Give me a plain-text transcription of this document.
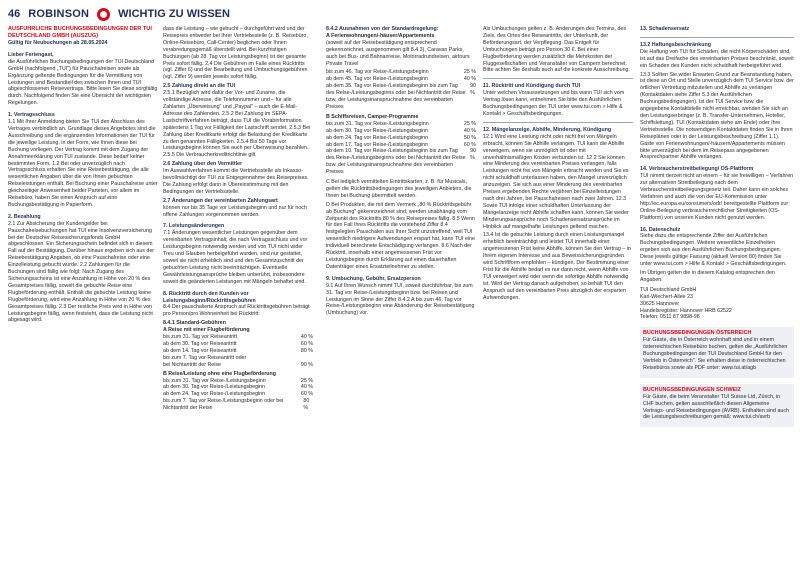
46 ROBINSON	WICHTIG ZU WISSEN
AUSFÜHRLICHE BUCHUNGSBEDINGUNGEN DER TUI DEUTSCHLAND GMBH (AUSZUG)
Gültig für Neubuchungen ab 28.05.2024
Lieber Feriengast,

die Ausführlichen Buchungsbedingungen der TUI Deutschland GmbH (nachfolgend „TUI") für Pauschalreisen sowie als Ergänzung geltende Bedingungen für die Vermittlung von Leistungen sind Bestandteil des zwischen Ihnen und TUI abgeschlossenen Reisevertrags. Bitte lesen Sie diese sorgfältig durch. Nachfolgend finden Sie eine Übersicht der wichtigsten Regelungen.

1. Vertragsschluss

1.1 Mit Ihrer Anmeldung bieten Sie TUI den Abschluss des Vertrages verbindlich an. Grundlage dieses Angebotes sind die Ausschreibung und die ergänzenden Informationen der TUI für die jeweilige Leistung, in der Form, wie Ihnen diese bei Buchung vorliegen. Der Vertrag kommt mit dem Zugang der Annahmeerklärung von TUI zustande. Diese bedarf keiner bestimmten Form. 1.2 Bei oder unverzüglich nach Vertragsschluss erhalten Sie eine Reisebestätigung, die alle wesentlichen Angaben über die von Ihnen gebuchten Reiseleistungen enthält. Bei Buchung einer Pauschalreise unter gleichzeitiger Anwesenheit beider Parteien, vor allem im Reisebüro, haben Sie einen Anspruch auf eine Buchungsbestätigung in Papierform.

2. Bezahlung

2.1 Zur Absicherung der Kundengelder bei Pauschalreisebuchungen hat TUI eine Insolvenzversicherung bei der Deutscher Reisesicherungsfonds GmbH abgeschlossen. Ein Sicherungsschein befindet sich in diesem Fall auf der Bestätigung. Darüber hinaus ergeben sich aus der Reisebestätigung Angaben, ob eine Pauschalreise oder eine Einzelleistung gebucht wurde. 2.2 Zahlungen für die Buchungen sind fällig wie folgt: Nach Zugang des Sicherungsscheins ist eine Anzahlung in Höhe von 20 % des Gesamtpreises fällig, soweit die gebuchte Reise eine Flugbeförderung enthält. Enthält die gebuchte Leistung keine Flugbeförderung, wird eine Anzahlung in Höhe von 20 % des Gesamtpreises fällig. 2.3 Der restliche Preis wird in Höhe von Leistungsbeginn fällig, wenn feststeht, dass die Leistung nicht abgesagt wird.

dass die Leistung – wie gebucht – durchgeführt wird und der Reisepreis entweder bei Ihrer Vertriebsstelle (z. B. Reisebüro, Online-Reisebüro, Call-Center) beglichen oder Ihnen verabredungsgemäß überstellt wird. Bei kurzfristigen Buchungen (ab 28. Tag vor Leistungsbeginn) ist der gesamte Preis sofort fällig. 2.4 Die Gebühren im Falle eines Rücktritts (vgl. Ziffer 6) und der Bearbeitung und Umbuchungsgebühren (vgl. Ziffer 9) werden jeweils sofort fällig.

2.5 Zahlung direkt an die TUI

2.5.1 Bezüglich wird dafür der Vor- und Zuname, die vollständige Adresse, die Telefonnummer und – für alle Zahlarten „Überweisung" und „Paypal" – auch die E-Mail-Adresse des Zahlenden. 2.5.2 Bei Zahlung im SEPA-Lastschriftverfahren beträgt, dass TUI die Vorabinformation spätestens 1 Tag vor Fälligkeit der Lastschrift sendet. 2.5.3 Bei Zahlung über Kreditkarte erfolgt die Belastung der Kreditkarte zu den genannten Fälligkeiten. 2.5.4 Bis 50 Tage vor Leistungsbeginn können Sie auch per Überweisung bezahlen. 2.5.5 Die Verbraucherkreditrichtlinie gilt.

2.6 Zahlung über den Vermittler

Im Auswahlverfahren kommt die Vertriebsstelle als Inkasso-bevollmächtigt der TUI zur Entgegennahme des Reisepreises. Die Zahlung erfolgt dann in Übereinstimmung mit den Bedingungen der Vertriebsstelle.

2.7 Änderungen der vereinbarten Zahlungsart

können nur bis 35 Tage vor Leistungsbeginn und nur für noch offene Zahlungen vorgenommen werden.

7. Leistungsänderungen

7.1 Änderungen wesentlicher Leistungen gegenüber dem vereinbarten Vertragsinhalt, die nach Vertragsschluss und vor Leistungsbeginn notwendig werden und von TUI nicht wider Treu und Glauben herbeigeführt wurden, sind nur gestattet, soweit sie nicht erheblich sind und den Gesamtzuschnitt der gebuchten Leistung nicht beeinträchtigen. Eventuelle Gewährleistungsansprüche bleiben unberührt, insbesondere soweit die geänderten Leistungen mit Mängeln behaftet sind.

8. Rücktritt durch den Kunden vor Leistungsbeginn/Rücktrittsgebühren

8.4 Der pauschalierte Anspruch auf Rücktrittsgebühren beträgt pro Person/pro Wohneinheit bei Rücktritt:

8.4.1 Standard-Gebühren
A Reise mit einer Flugbeförderung
bis zum 31. Tag vor Reiseantritt	40 %
ab dem 30. Tag vor Reiseantritt	60 %
ab dem 14. Tag vor Reiseantritt	80 %
bis zum 7. Tag vor Reiseantritt oder
bei Nichtantritt der Reise	90 %
B Reise/Leistung ohne eine Flugbeförderung
bis zum 31. Tag vor Reise-/Leistungsbeginn	25 %
ab dem 30. Tag vor Reise-/Leistungsbeginn	40 %
ab dem 24. Tag vor Reise-/Leistungsbeginn	60 %
bis zum 7. Tag vor Reise-/Leistungsbeginn oder bei Nichtantritt der Reise
80 %
8.4.2 Ausnahmen von der Standardregelung:
A Ferienwohnungen/-häuser/Appartements

(soweit auf der Reisebestätigung entsprechend gekennzeichnet, ausgenommen gilt 8.4.3), Caravan Parks, auch bei Bus- und Bahnanreise, Motorradrundreisen, airtours Private Travel

bis zum 46. Tag vor Reise-/Leistungsbeginn	25 %
ab dem 45. Tag vor Reise-/Leistungsbeginn	40 %
ab dem 35. Tag vor Reise-/Leistungsbeginn bis zum Tag des Reise-/Leistungsbeginns oder bei Nichtantritt der Reise bzw. der Leistungsinanspruchnahme des vereinbarten Preises
90 %
B Schiffsreisen, Camper-Programme
bis zum 31. Tag vor Reise-/Leistungsbeginn	25 %
ab dem 30. Tag vor Reise-/Leistungsbeginn	40 %
ab dem 24. Tag vor Reise-/Leistungsbeginn	50 %
ab dem 17. Tag vor Reise-/Leistungsbeginn	60 %
ab dem 10. Tag vor Reise-/Leistungsbeginn bis zum Tag des Reise-/Leistungsbeginns oder bei Nichtantritt der Reise bzw. der Leistungsinanspruchnahme des vereinbarten Preises
90 %

C Bei lediglich vermittelten Eintrittskarten, z. B. für Musicals, gelten die Rücktrittsbedingungen des jeweiligen Anbieters, die Ihnen bei Buchung übermittelt werden.

D Bei Produkten, die mit dem Vermerk „80 % Rücktrittsgebühr ab Buchung" gekennzeichnet sind, werden unabhängig vom Zeitpunkt des Rücktritts 80 % des Reisepreises fällig. 8.5 Wenn für den Fall Ihres Rücktritts die vorstehend Ziffer 8.4 festgelegten Pauschalen aus Ihrer Sicht unzutreffend, weil TUI wesentlich niedrigere Aufwendungen erspart hat, kann TUI eine individuell berechnete Entschädigung verlangen. 8.6 Nach der Rücktritt, innerhalb einer angemessenen Frist vor Leistungsbeginn durch Erklärung auf einen dauerhaften Datenträger einen Ersatzteilnehmer zu stellen.

9. Umbuchung, Gebühr, Ersatzperson

9.1 Auf Ihren Wunsch nimmt TUI, soweit durchführbar, bis zum 31. Tag vor Reise-/Leistungsbeginn bzw. bei Reisen und Leistungen im Sinne der Ziffer 8.4.2 A bis zum 46. Tag vor Reise-/Leistungsbeginn eine Abänderung der Reisebestätigung (Umbuchung) vor.

Als Umbuchungen gelten z. B. Änderungen des Termins, des Ziels, des Ortes des Reiseantritts, der Unterkunft, der Beförderungsart, der Verpflegung. Das Entgelt für Umbuchungen beträgt pro Person 30 €. Bei einer Flugbeförderung werden zusätzlich die Mehrkosten der Fluggesellschaften und Veranstalter von Campern berechnet. Bitte achten Sie deshalb auch auf die konkrete Ausschreibung.

11. Rücktritt und Kündigung durch TUI

Unter welchen Voraussetzungen und bis wann TUI sich vom Vertrag lösen kann, entnehmen Sie bitte den Ausführlichen Buchungsbedingungen der TUI unter www.tui.com > Hilfe & Kontakt > Geschäftsbedingungen.

12. Mängelanzeige, Abhilfe, Minderung, Kündigung

12.1 Wird eine Leistung nicht oder nicht frei von Mängeln erbracht, können Sie Abhilfe verlangen. TUI kann die Abhilfe verweigern, wenn sie unmöglich ist oder mit unverhältnismäßigen Kosten verbunden ist. 12.2 Sie können eine Minderung des vereinbarten Preises verlangen, falls Leistungen nicht frei von Mängeln erbracht werden und Sie es nicht schuldhaft unterlassen haben, den Mangel unverzüglich anzuzeigen. Sie sich aus einer Minderung des vereinbarten Preises ergebenden Rechte verjähren bei Einzelleistungen nach drei Jahren, bei Pauschalreisen nach zwei Jahren. 12.3 Sowie TUI infolge einer schuldhaften Unterlassung der Mängelanzeige nicht Abhilfe schaffen kann, können Sie weder Minderungsansprüche noch Schadensersatzansprüche im Hinblick auf mangelhafte Leistungen geltend machen.

13.4 Ist die gebuchte Leistung durch einen Leistungsmangel erheblich beeinträchtigt und leistet TUI innerhalb einer angemessenen Frist keine Abhilfe, können Sie den Vertrag – in Ihrem eigenen Interesse und aus Beweissicherungsgründen wird Schriftform empfohlen – kündigen. Der Bestimmung einer Frist für die Abhilfe bedarf es nur dann nicht, wenn Abhilfe von TUI verweigert wird oder wenn die sofortige Abhilfe notwendig ist. Wird der Vertrag danach aufgehoben, so behält TUI den Anspruch auf den vereinbarten Preis abzüglich der ersparten Aufwendungen.

13. Schadensersatz
13.2 Haftungsbeschränkung

Die Haftung von TUI für Schäden, die nicht Körperschäden sind, ist auf das Dreifache des vereinbarten Preises beschränkt, soweit ein Schaden des Kunden nicht schuldhaft herbeigeführt wird.

13.3 Sollten Sie wider Erwarten Grund zur Beanstandung haben, ist diese an Ort und Stelle unverzüglich dem TUI Service bzw. der örtlichen Vertretung mitzuteilen und Abhilfe zu verlangen (Kontaktdaten siehe Ziffer 5.3 der Ausführlichen Buchungsbedingungen). Ist der TUI Service bzw. die angegebene Kontaktstelle nicht erreichbar, wenden Sie sich an den Leistungserbringer (z. B. Transfer-Unternehmen, Hotelier, Schiffsleitung). TUI (Kontaktdaten siehe am Ende) oder Ihre Vertriebsstelle. Die notwendigen Kontaktdaten finden Sie in Ihren Reiseplänen oder in der Leistungsbeschreibung (Ziffer 1.1). Gäste von Ferienwohnungen/-häusern/Appartements müssen bitte unverzüglich bei dem im Reisepass angegebenen Ansprechpartner Abhilfe verlangen.

14. Verbraucherstreitbeilegung/ OS-Plattform

TUI nimmt derzeit nicht an einem – für sie freiwilligen – Verfahren zur alternativen Streitbeilegung nach dem Verbraucherstreitbeilegungsgesetz teil. Daher kann ein solches Verfahren und auch die von der EU-Kommission unter http://ec.europa.eu/consumers/odr/ bereitgestellte Plattform zur Online-Beilegung verbraucherrechtlicher Streitigkeiten (OS-Plattform) von unseren Kunden nicht genutzt werden.

16. Datenschutz

Siehe dazu die entsprechende Ziffer der Ausführlichen Buchungsbedingungen. Weitere wesentliche Einzelheiten ergeben sich aus den Ausführlichen Buchungsbedingungen. Diese jeweils gültige Fassung (aktuell Version 80) finden Sie unter www.tui.com > Hilfe & Kontakt > Geschäftsbedingungen.

Im Übrigen gelten die in diesem Katalog entsprechen den Angaben.

TUI Deutschland GmbH

Karl-Wiechert-Allee 23

30625 Hannover

Handelsregister: Hannover HRB 62522

Telefon: 0511 87 9898-98

BUCHUNGSBEDINGUNGEN ÖSTERREICH

Für Gäste, die in Österreich wohnhaft sind und in einem österreichischen Reisebüro buchen, gelten die „Ausführlichen Buchungsbedingungen der TUI Deutschland GmbH für den Vertrieb in Österreich". Sie erhalten diese in österreichischen Reisebüros sowie als PDF unter: www.tui.at/agb

BUCHUNGSBEDINGUNGEN SCHWEIZ

Für Gäste, die beim Veranstalter TUI Suisse Ltd, Zürich, in CHF buchen, gelten ausschließlich diesen Allgemeine Vertrags- und Reisebedingungen (AVRB). Enthalten sind auch die Leistungsbeschreibungen gemäß: www.tui.ch/avrb
